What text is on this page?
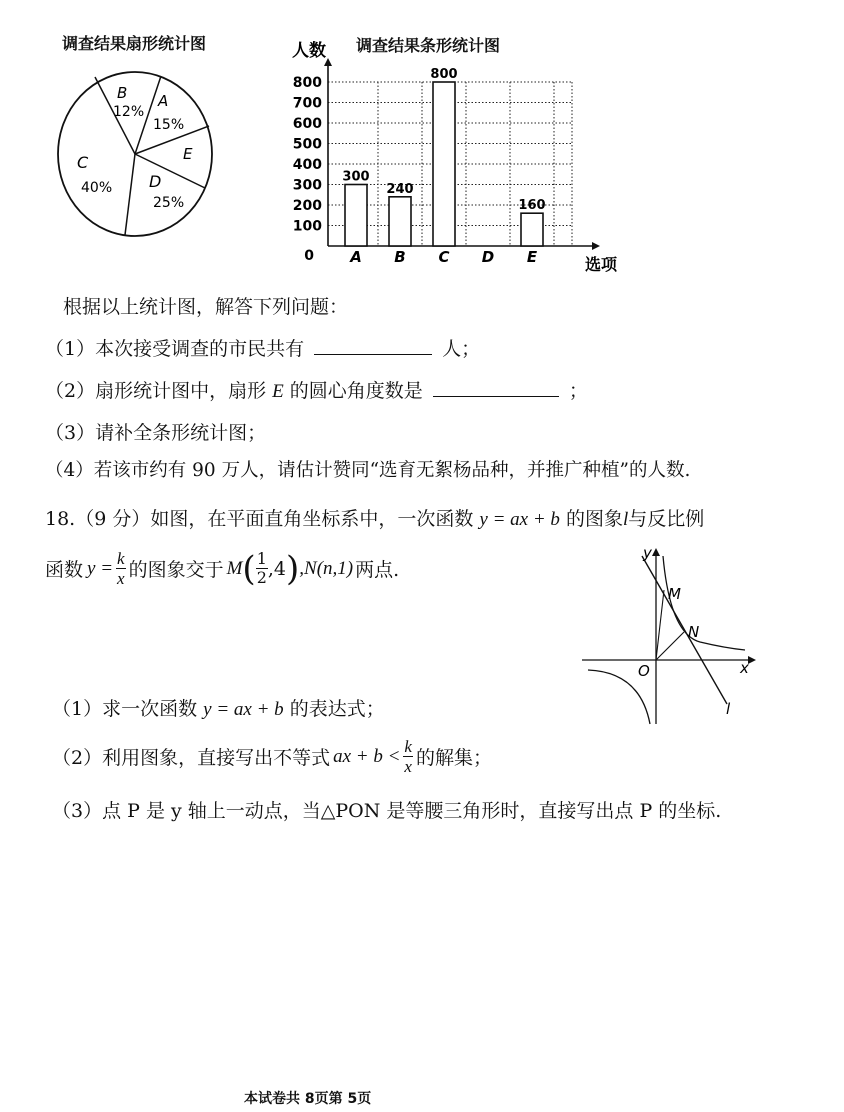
调查结果扇形统计图
B
12%
A
15%
E
C
40% D
25%
调查结果条形统计图
人数
选项
0
100
200
300
400
500
600
700
800
300
A
240
B
800
C D
160
E
根据以上统计图，解答下列问题：
（1）本次接受调查的市民共有	人；
（2）扇形统计图中，扇形 E 的圆心角度数是	；
（3）请补全条形统计图；
（4）若该市约有 90 万人，请估计赞同“选育无絮杨品种，并推广种植”的人数.
18.（9 分）如图，在平面直角坐标系中，一次函数 y = ax + b 的图象l与反比例
函数 $y = \frac{k}{x}$ 的图象交于 M ( $\frac{1}{2} ,4$ ) ,N(n,1) 两点.
y
x
O
M
N
l
（1）求一次函数 y = ax + b 的表达式；
（2）利用图象，直接写出不等式 ax + $b < \frac{k}{x}$ 的解集；
（3）点 P 是 y 轴上一动点，当△PON 是等腰三角形时，直接写出点 P 的坐标.
本试卷共 8页第 5页
